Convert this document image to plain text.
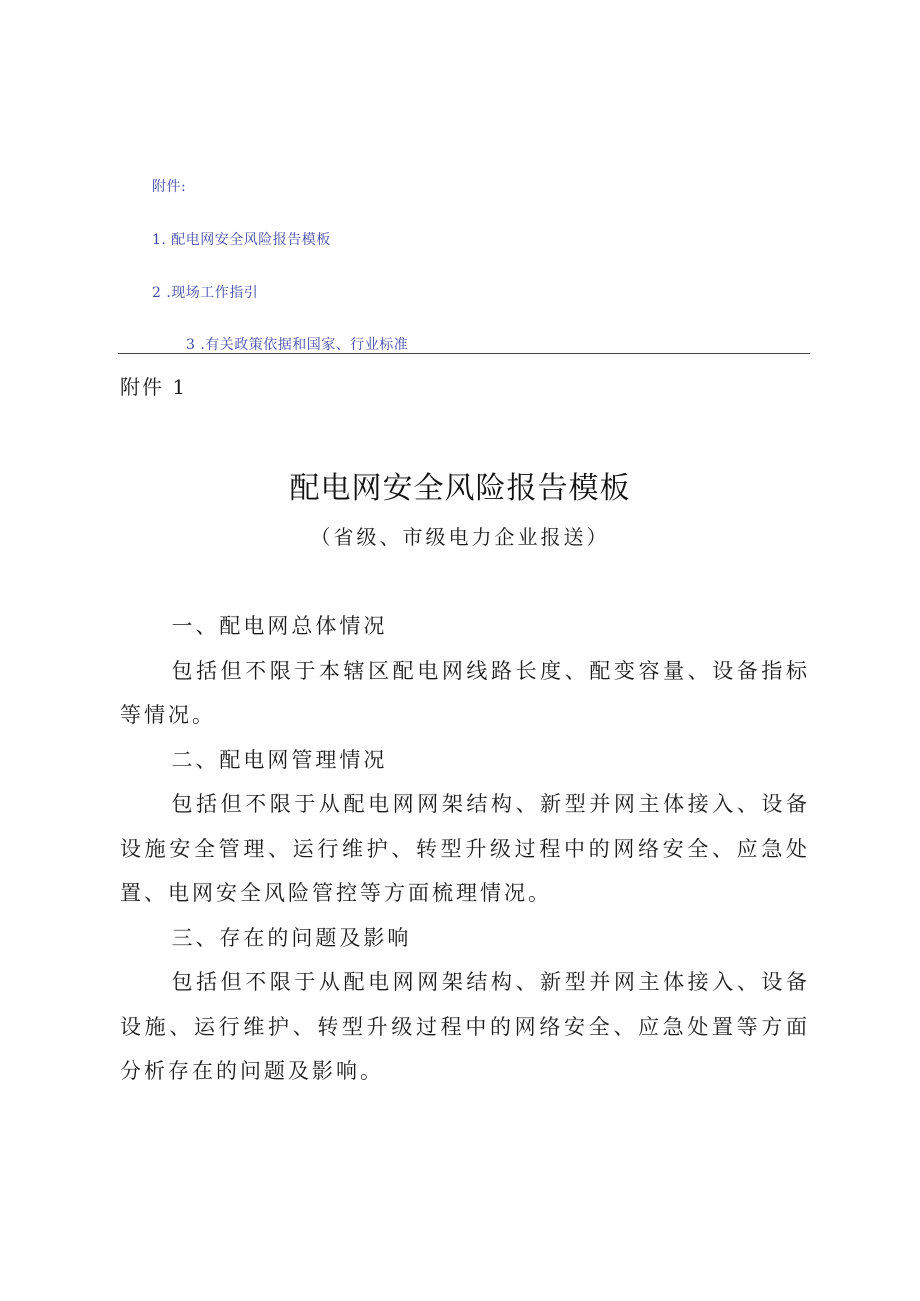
附件:
1. 配电网安全风险报告模板
2 .现场工作指引
3 .有关政策依据和国家、行业标准
附件 1
配电网安全风险报告模板
（省级、市级电力企业报送）

一、配电网总体情况

包括但不限于本辖区配电网线路长度、配变容量、设备指标等情况。

二、配电网管理情况

包括但不限于从配电网网架结构、新型并网主体接入、设备设施安全管理、运行维护、转型升级过程中的网络安全、应急处置、电网安全风险管控等方面梳理情况。

三、存在的问题及影响

包括但不限于从配电网网架结构、新型并网主体接入、设备设施、运行维护、转型升级过程中的网络安全、应急处置等方面分析存在的问题及影响。
